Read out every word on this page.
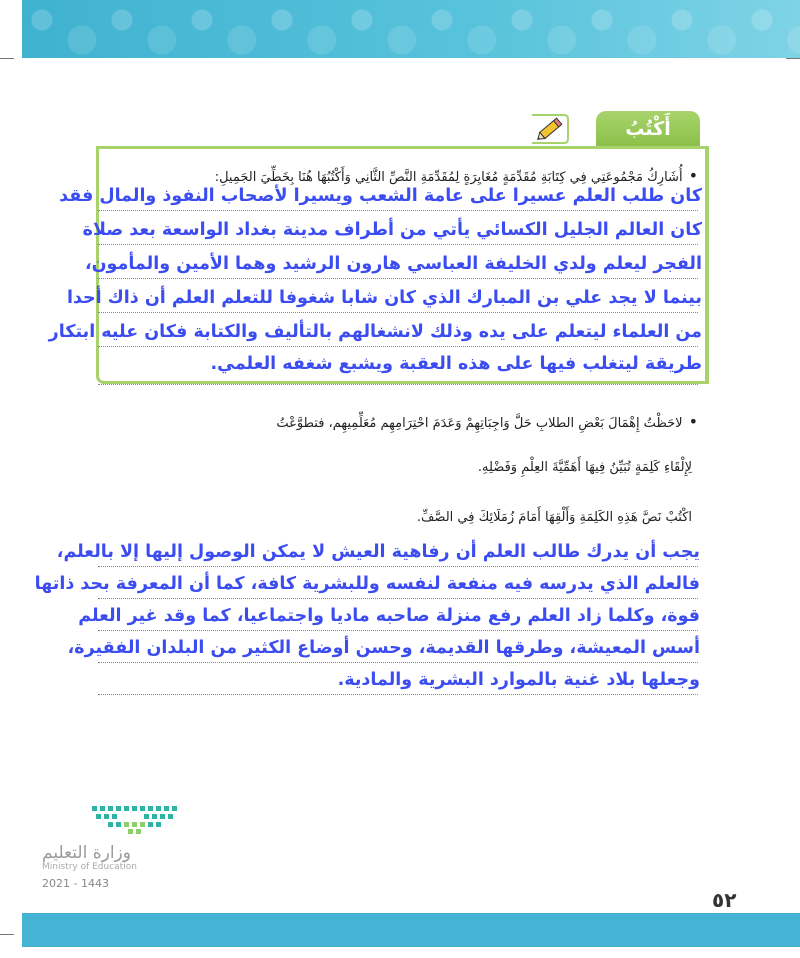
أَكْتُبُ
•أُشَارِكُ مَجْمُوعَتِي فِي كِتَابَةِ مُقَدِّمَةٍ مُغَايِرَةٍ لِمُقَدِّمَةِ النَّصِّ الثَّانِي وَأَكْتُبُهَا هُنَا بِخَطِّيَ الجَمِيلِ:
كان طلب العلم عسيرا على عامة الشعب ويسيرا لأصحاب النفوذ والمال فقد
كان العالم الجليل الكسائي يأتي من أطراف مدينة بغداد الواسعة بعد صلاة
الفجر ليعلم ولدي الخليفة العباسي هارون الرشيد وهما الأمين والمأمون،
بينما لا يجد علي بن المبارك الذي كان شابا شغوفا للتعلم العلم أن ذاك أحدا
من العلماء ليتعلم على يده وذلك لانشغالهم بالتأليف والكتابة فكان عليه ابتكار
طريقة ليتغلب فيها على هذه العقبة ويشبع شغفه العلمي.
•لاحَظْتُ إِهْمَالَ بَعْضِ الطلابِ حَلَّ وَاجِبَاتِهِمْ وَعَدَمَ احْتِرَامِهِم مُعَلِّمِيهِم، فتطوَّعْتُ
لِإِلْقَاءِ كَلِمَةٍ تُبَيِّنُ فِيهَا أَهَمِّيَّةَ العِلْمِ وَفَضْلِهِ.
اكْتُبْ نَصَّ هَذِهِ الكَلِمَةِ وَأَلْقِهَا أَمَامَ زُمَلَائِكَ فِي الصَّفِّ.
يجب أن يدرك طالب العلم أن رفاهية العيش لا يمكن الوصول إليها إلا بالعلم،
فالعلم الذي يدرسه فيه منفعة لنفسه وللبشرية كافة، كما أن المعرفة بحد ذاتها
قوة، وكلما زاد العلم رفع منزلة صاحبه ماديا واجتماعيا، كما وقد غير العلم
أسس المعيشة، وطرقها القديمة، وحسن أوضاع الكثير من البلدان الفقيرة،
وجعلها بلاد غنية بالموارد البشرية والمادية.
وزارة التعليم
Ministry of Education
2021 - 1443
٥٢
